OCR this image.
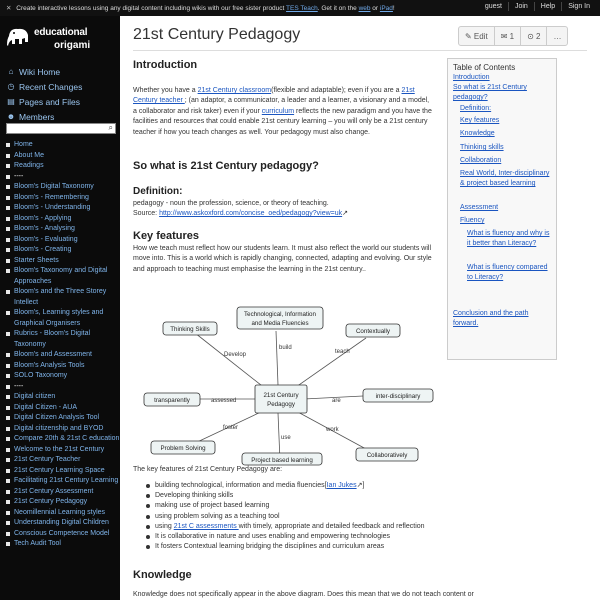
✕ Create interactive lessons using any digital content including wikis with our free sister product TES Teach. Get it on the web or iPad!	guest	Join	Help	Sign In
educational
origami
⌂ Wiki Home
◷ Recent Changes
▤ Pages and Files
☻ Members
⌕
Home
About Me
Readings
----
Bloom's Digital Taxonomy
Bloom's - Remembering
Bloom's - Understanding
Bloom's - Applying
Bloom's - Analysing
Bloom's - Evaluating
Bloom's - Creating
Starter Sheets
Bloom's Taxonomy and Digital Approaches
Bloom's and the Three Storey Intellect
Bloom's, Learning styles and Graphical Organisers
Rubrics - Bloom's Digital Taxonomy
Bloom's and Assessment
Bloom's Analysis Tools
SOLO Taxonomy
----
Digital citizen
Digital Citizen - AUA
Digital Citizen Analysis Tool
Digital citizenship and BYOD
Compare 20th & 21st C education
Welcome to the 21st Century
21st Century Teacher
21st Century Learning Space
Facilitating 21st Century Learning
21st Century Assessment
21st Century Pedagogy
Neomillennial Learning styles
Understanding Digital Children
Conscious Competence Model
Tech Audit Tool
21st Century Pedagogy	✎ Edit	✉ 1	⊙ 2	…
Introduction
Whether you have a 21st Century classroom(flexible and adaptable); even if you are a 21st Century teacher ; (an adaptor, a communicator, a leader and a learner, a visionary and a model, a collaborator and risk taker) even if your curriculum reflects the new paradigm and you have the facilities and resources that could enable 21st century learning – you will only be a 21st century teacher if how you teach changes as well. Your pedagogy must also change.
So what is 21st Century pedagogy?
Definition:
pedagogy - noun the profession, science, or theory of teaching.
Source: http://www.askoxford.com/concise_oed/pedagogy?view=uk↗
Key features
How we teach must reflect how our students learn. It must also reflect the world our students will move into. This is a world which is rapidly changing, connected, adapting and evolving. Our style and approach to teaching must emphasise the learning in the 21st century..
Table of Contents
Introduction
So what is 21st Century pedagogy?
Definition:
Key features
Knowledge
Thinking skills
Collaboration
Real World, Inter-disciplinary & project based learning
Assessment
Fluency
What is fluency and why is it better than Literacy?
What is fluency compared to Literacy?
Conclusion and the path forward.
Develop
build
teach
assessed	are
foster
use
work
21st Century
Pedagogy
Thinking Skills
Technological, Information
and Media Fluencies
Contextually
transparently
inter-disciplinary
Problem Solving
Project based learning
Collaboratively
The key features of 21st Century Pedagogy are:
building technological, information and media fluencies[Ian Jukes↗]
Developing thinking skills
making use of project based learning
using problem solving as a teaching tool
using 21st C assessments with timely, appropriate and detailed feedback and reflection
It is collaborative in nature and uses enabling and empowering technologies
It fosters Contextual learning bridging the disciplines and curriculum areas
Knowledge
Knowledge does not specifically appear in the above diagram. Does this mean that we do not teach content or
